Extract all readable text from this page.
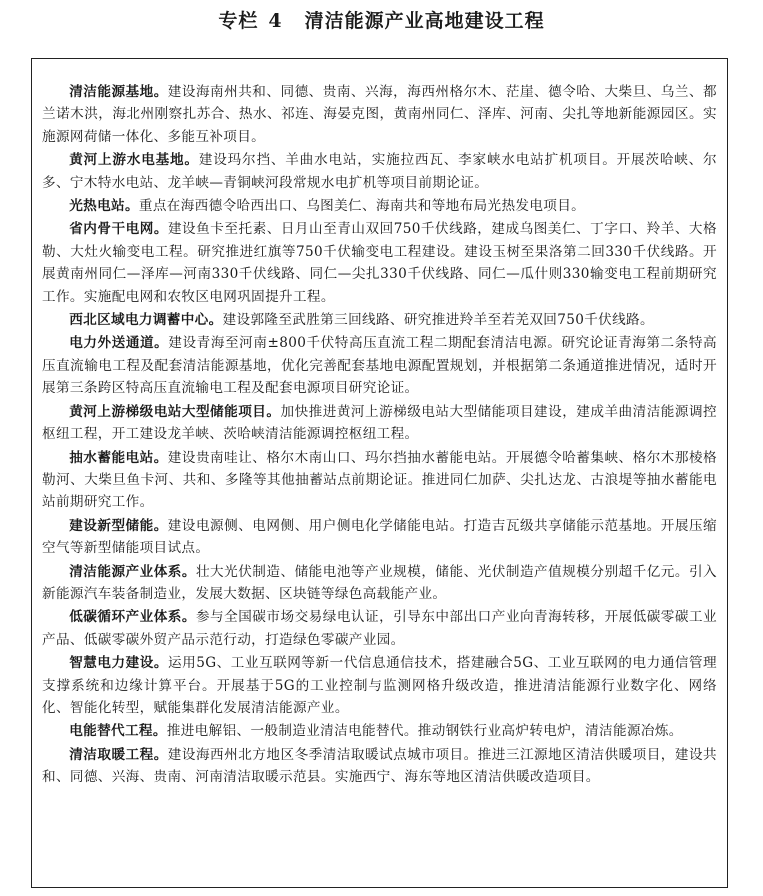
专栏 4 清洁能源产业高地建设工程

清洁能源基地。建设海南州共和、同德、贵南、兴海，海西州格尔木、茫崖、德令哈、大柴旦、乌兰、都兰诺木洪，海北州刚察扎苏合、热水、祁连、海晏克图，黄南州同仁、泽库、河南、尖扎等地新能源园区。实施源网荷储一体化、多能互补项目。

黄河上游水电基地。建设玛尔挡、羊曲水电站，实施拉西瓦、李家峡水电站扩机项目。开展茨哈峡、尔多、宁木特水电站、龙羊峡—青铜峡河段常规水电扩机等项目前期论证。

光热电站。重点在海西德令哈西出口、乌图美仁、海南共和等地布局光热发电项目。

省内骨干电网。建设鱼卡至托素、日月山至青山双回750千伏线路，建成乌图美仁、丁字口、羚羊、大格勒、大灶火输变电工程。研究推进红旗等750千伏输变电工程建设。建设玉树至果洛第二回330千伏线路。开展黄南州同仁—泽库—河南330千伏线路、同仁—尖扎330千伏线路、同仁—瓜什则330输变电工程前期研究工作。实施配电网和农牧区电网巩固提升工程。

西北区域电力调蓄中心。建设郭隆至武胜第三回线路、研究推进羚羊至若羌双回750千伏线路。

电力外送通道。建设青海至河南±800千伏特高压直流工程二期配套清洁电源。研究论证青海第二条特高压直流输电工程及配套清洁能源基地，优化完善配套基地电源配置规划，并根据第二条通道推进情况，适时开展第三条跨区特高压直流输电工程及配套电源项目研究论证。

黄河上游梯级电站大型储能项目。加快推进黄河上游梯级电站大型储能项目建设，建成羊曲清洁能源调控枢纽工程，开工建设龙羊峡、茨哈峡清洁能源调控枢纽工程。

抽水蓄能电站。建设贵南哇让、格尔木南山口、玛尔挡抽水蓄能电站。开展德令哈蓄集峡、格尔木那棱格勒河、大柴旦鱼卡河、共和、多隆等其他抽蓄站点前期论证。推进同仁加萨、尖扎达龙、古浪堤等抽水蓄能电站前期研究工作。

建设新型储能。建设电源侧、电网侧、用户侧电化学储能电站。打造吉瓦级共享储能示范基地。开展压缩空气等新型储能项目试点。

清洁能源产业体系。壮大光伏制造、储能电池等产业规模，储能、光伏制造产值规模分别超千亿元。引入新能源汽车装备制造业，发展大数据、区块链等绿色高载能产业。

低碳循环产业体系。参与全国碳市场交易绿电认证，引导东中部出口产业向青海转移，开展低碳零碳工业产品、低碳零碳外贸产品示范行动，打造绿色零碳产业园。

智慧电力建设。运用5G、工业互联网等新一代信息通信技术，搭建融合5G、工业互联网的电力通信管理支撑系统和边缘计算平台。开展基于5G的工业控制与监测网格升级改造，推进清洁能源行业数字化、网络化、智能化转型，赋能集群化发展清洁能源产业。

电能替代工程。推进电解铝、一般制造业清洁电能替代。推动钢铁行业高炉转电炉，清洁能源冶炼。

清洁取暖工程。建设海西州北方地区冬季清洁取暖试点城市项目。推进三江源地区清洁供暖项目，建设共和、同德、兴海、贵南、河南清洁取暖示范县。实施西宁、海东等地区清洁供暖改造项目。
